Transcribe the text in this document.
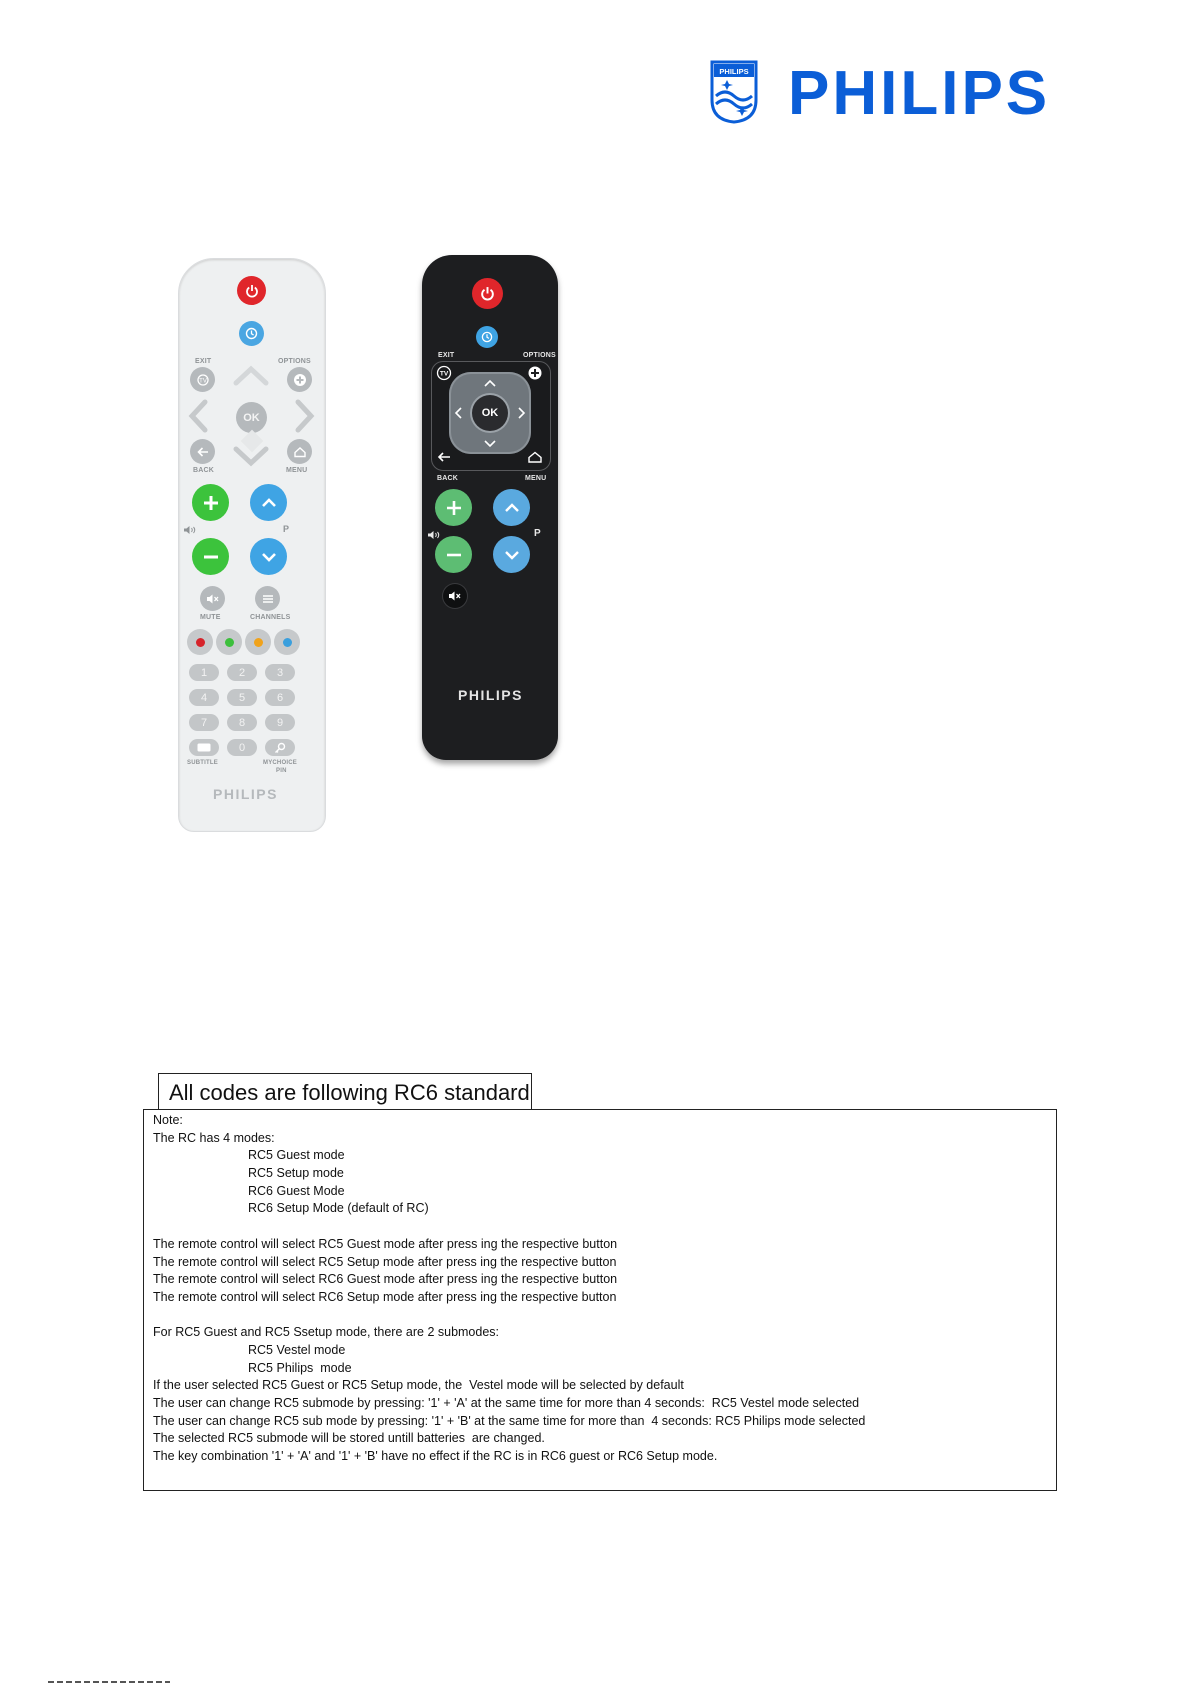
PHILIPS PHILIPS
EXIT	OPTIONS
TV
OK
BACK	MENU
P
MUTE	CHANNELS
1	2	3
4	5	6
7	8	9
0
SUBTITLE	MYCHOICE
PIN
PHILIPS
EXIT	OPTIONS
TV
OK
BACK	MENU
P
PHILIPS
All codes are following RC6 standard
Note:
The RC has 4 modes:
RC5 Guest mode
RC5 Setup mode
RC6 Guest Mode
RC6 Setup Mode (default of RC)
The remote control will select RC5 Guest mode after press ing the respective button
The remote control will select RC5 Setup mode after press ing the respective button
The remote control will select RC6 Guest mode after press ing the respective button
The remote control will select RC6 Setup mode after press ing the respective button
For RC5 Guest and RC5 Ssetup mode, there are 2 submodes:
RC5 Vestel mode
RC5 Philips  mode
If the user selected RC5 Guest or RC5 Setup mode, the  Vestel mode will be selected by default
The user can change RC5 submode by pressing: '1' + 'A' at the same time for more than 4 seconds:  RC5 Vestel mode selected
The user can change RC5 sub mode by pressing: '1' + 'B' at the same time for more than  4 seconds: RC5 Philips mode selected
The selected RC5 submode will be stored untill batteries  are changed.
The key combination '1' + 'A' and '1' + 'B' have no effect if the RC is in RC6 guest or RC6 Setup mode.
